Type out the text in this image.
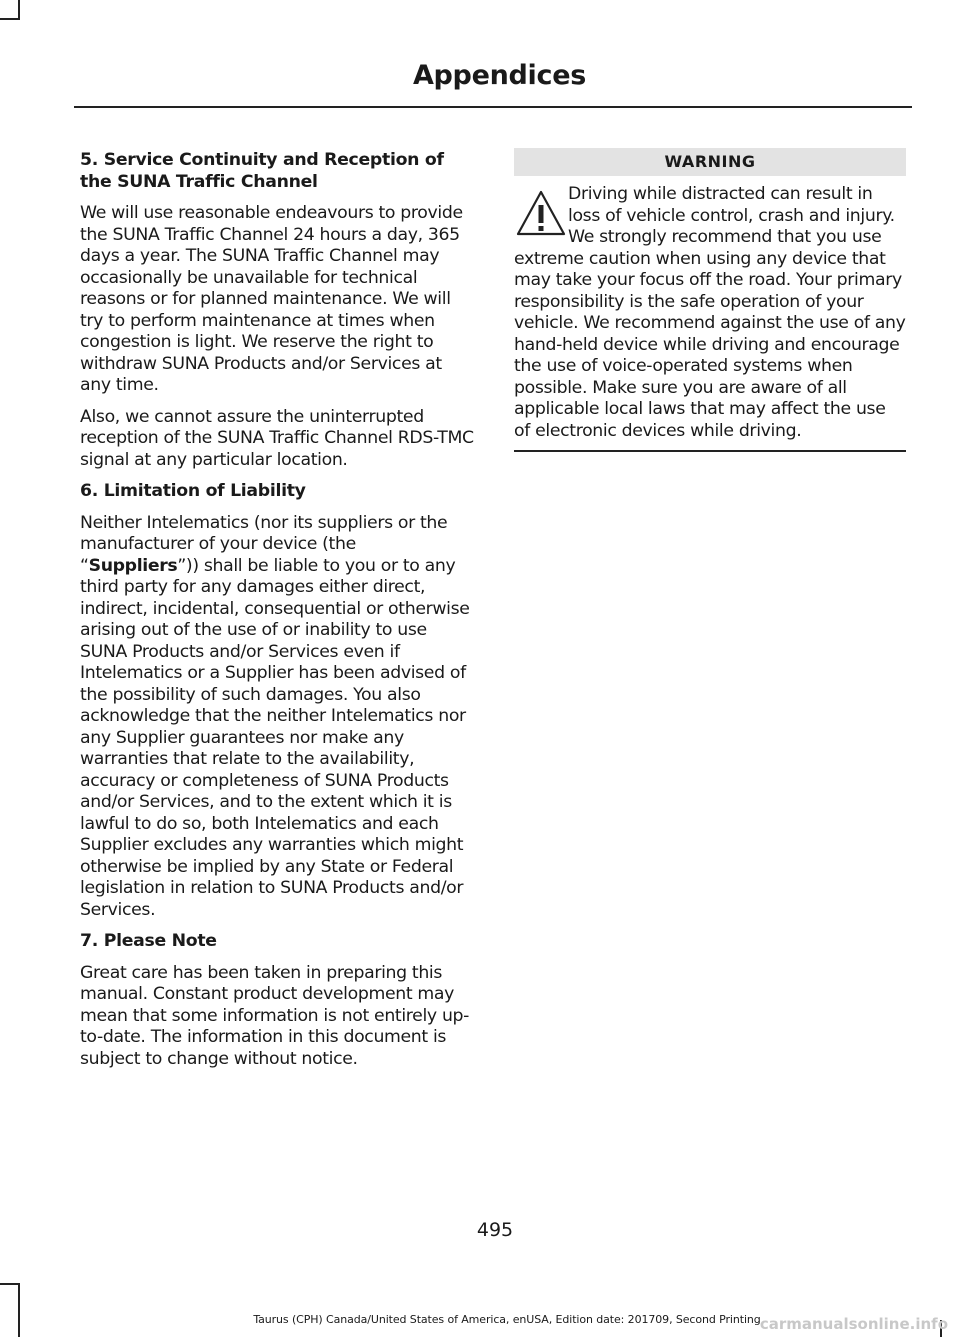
Appendices
5. Service Continuity and Reception of the SUNA Traffic Channel

We will use reasonable endeavours to provide the SUNA Traffic Channel 24 hours a day, 365 days a year. The SUNA Traffic Channel may occasionally be unavailable for technical reasons or for planned maintenance. We will try to perform maintenance at times when congestion is light. We reserve the right to withdraw SUNA Products and/or Services at any time.

Also, we cannot assure the uninterrupted reception of the SUNA Traffic Channel RDS-TMC signal at any particular location.

6. Limitation of Liability

Neither Intelematics (nor its suppliers or the manufacturer of your device (the “Suppliers”)) shall be liable to you or to any third party for any damages either direct, indirect, incidental, consequential or otherwise arising out of the use of or inability to use SUNA Products and/or Services even if Intelematics or a Supplier has been advised of the possibility of such damages. You also acknowledge that the neither Intelematics nor any Supplier guarantees nor make any warranties that relate to the availability, accuracy or completeness of SUNA Products and/or Services, and to the extent which it is lawful to do so, both Intelematics and each Supplier excludes any warranties which might otherwise be implied by any State or Federal legislation in relation to SUNA Products and/or Services.

7. Please Note

Great care has been taken in preparing this manual. Constant product development may mean that some information is not entirely up-to-date. The information in this document is subject to change without notice.

WARNING
Driving while distracted can result in loss of vehicle control, crash and injury. We strongly recommend that you use extreme caution when using any device that may take your focus off the road. Your primary responsibility is the safe operation of your vehicle. We recommend against the use of any hand-held device while driving and encourage the use of voice-operated systems when possible. Make sure you are aware of all applicable local laws that may affect the use of electronic devices while driving.
495
Taurus (CPH) Canada/United States of America, enUSA, Edition date: 201709, Second Printing carmanualsonline.info
